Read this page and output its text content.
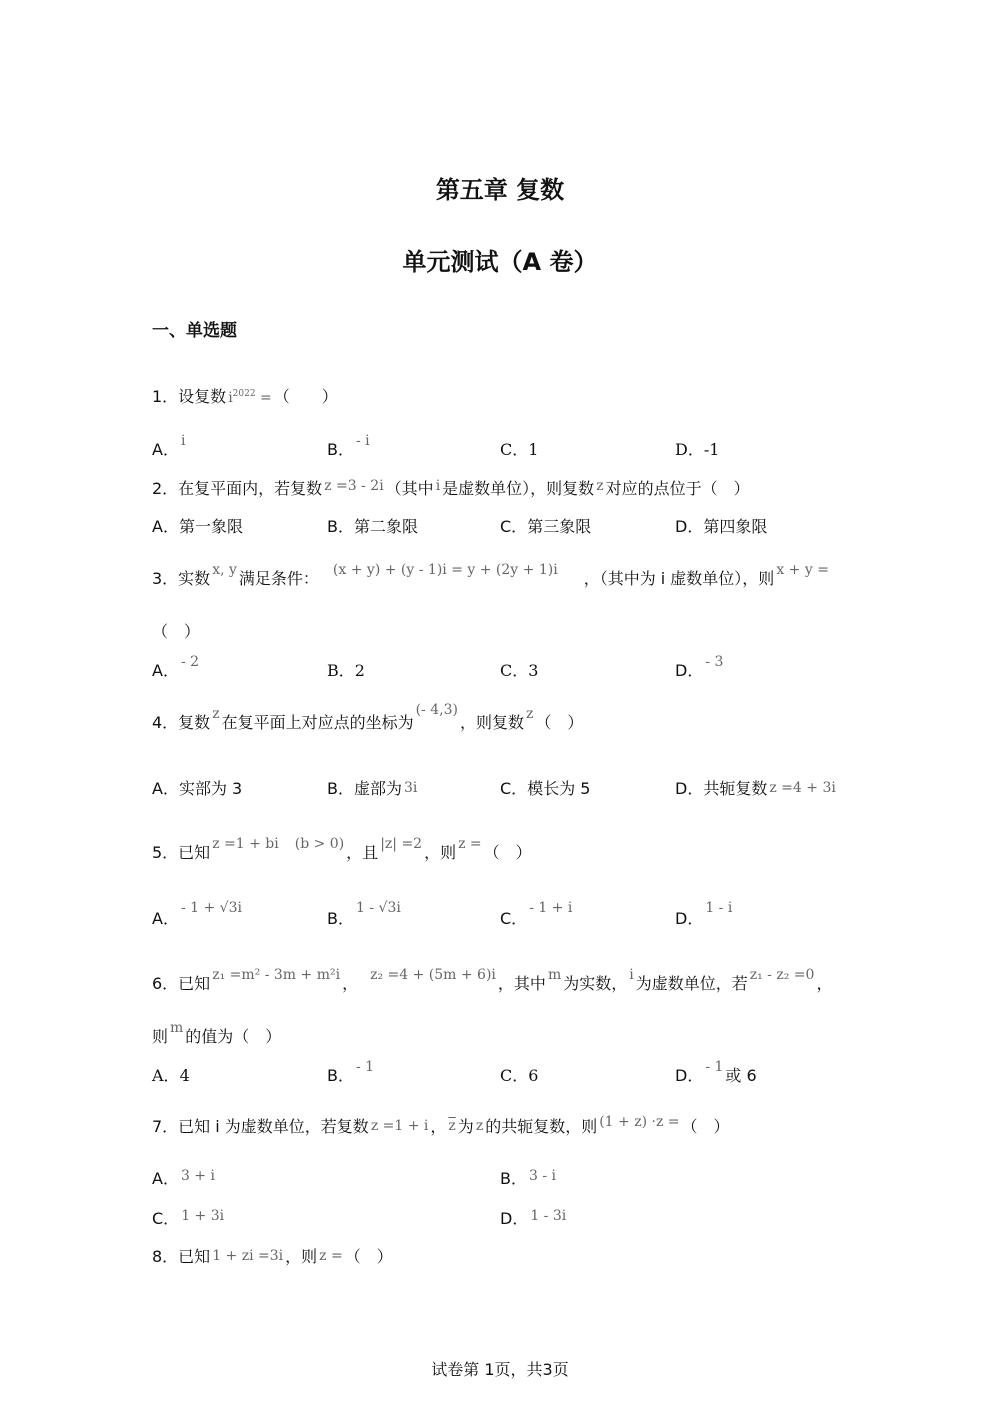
第五章 复数
单元测试（A 卷）
一、单选题
1．设复数 $i^{2022}$ = （　　）
A． i	B． - i	C．1	D．-1
2．在复平面内，若复数 z =3 - 2i （其中 i 是虚数单位），则复数 z 对应的点位于（　）
A．第一象限	B．第二象限	C．第三象限	D．第四象限
3．实数 x, y 满足条件： (x + y) + (y - 1)i = y + (2y + 1)i ，（其中为 i 虚数单位），则 x + y =
（　）
A． - 2	B．2	C．3	D． - 3
4．复数 z 在复平面上对应点的坐标为(- 4,3)，则复数 z （　）
A．实部为 3	B．虚部为 3i	C．模长为 5	D．共轭复数 z =4 + 3i
5．已知 z =1 + bi (b > 0) ，且 |z| =2 ，则 z = （　）
A．- 1 + √3i
B．1 - √3i
C．- 1 + i
D．1 - i
6．已知 z₁ =m² - 3m + m²i ， z₂ =4 + (5m + 6)i ，其中 m 为实数， i 为虚数单位，若 z₁ - z₂ =0 ，
则 m 的值为（　）
A．4	B． - 1	C．6	D． - 1 或 6
7．已知 i 为虚数单位，若复数 z =1 + i ， $\overline{z}$ 为 z 的共轭复数，则 (1 + z) ·z = （　）
A． 3 + i	B． 3 - i
C． 1 + 3i	D． 1 - 3i
8．已知 1 + zi =3i ，则 z = （　）
试卷第 1页，共3页
